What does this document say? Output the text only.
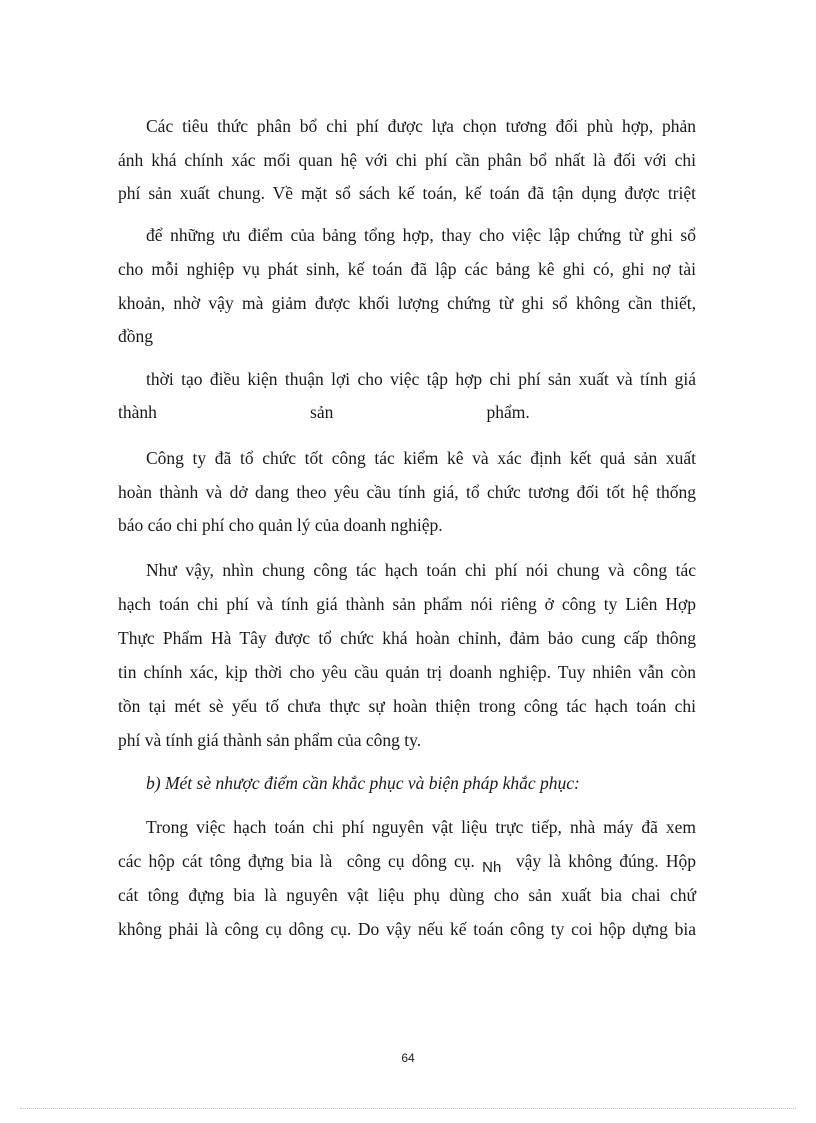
Các tiêu thức phân bổ chi phí được lựa chọn tương đối phù hợp, phản
ánh khá chính xác mối quan hệ với chi phí cần phân bổ nhất là đối với chi
phí sản xuất chung. Về mặt sổ sách kế toán, kế toán đã tận dụng được triệt
để những ưu điểm của bảng tổng hợp, thay cho việc lập chứng từ ghi sổ
cho mỗi nghiệp vụ phát sinh, kế toán đã lập các bảng kê ghi có, ghi nợ tài
khoản, nhờ vậy mà giảm được khối lượng chứng từ ghi sổ không cần thiết,
đồng
thời tạo điều kiện thuận lợi cho việc tập hợp chi phí sản xuất và tính giá
thành                                   sản                                   phẩm.
Công ty đã tổ chức tốt công tác kiểm kê và xác định kết quả sản xuất
hoàn thành và dở dang theo yêu cầu tính giá, tổ chức tương đối tốt hệ thống
báo cáo chi phí cho quản lý của doanh nghiệp.
Như vậy, nhìn chung công tác hạch toán chi phí nói chung và công tác
hạch toán chi phí và tính giá thành sản phẩm nói riêng ở công ty Liên Hợp
Thực Phẩm Hà Tây được tổ chức khá hoàn chỉnh, đảm bảo cung cấp thông
tin chính xác, kịp thời cho yêu cầu quản trị doanh nghiệp. Tuy nhiên vẫn còn
tồn tại mét sè yếu tố chưa thực sự hoàn thiện trong công tác hạch toán chi
phí và tính giá thành sản phẩm của công ty.
b) Mét sè nhược điểm cần khắc phục và biện pháp khắc phục:
Trong việc hạch toán chi phí nguyên vật liệu trực tiếp, nhà máy đã xem
các hộp cát tông đựng bia là  công cụ dông cụ. Nh  vậy là không đúng. Hộp
cát tông đựng bia là nguyên vật liệu phụ dùng cho sản xuất bia chai chứ
không phải là công cụ dông cụ. Do vậy nếu kế toán công ty coi hộp dựng bia
64
